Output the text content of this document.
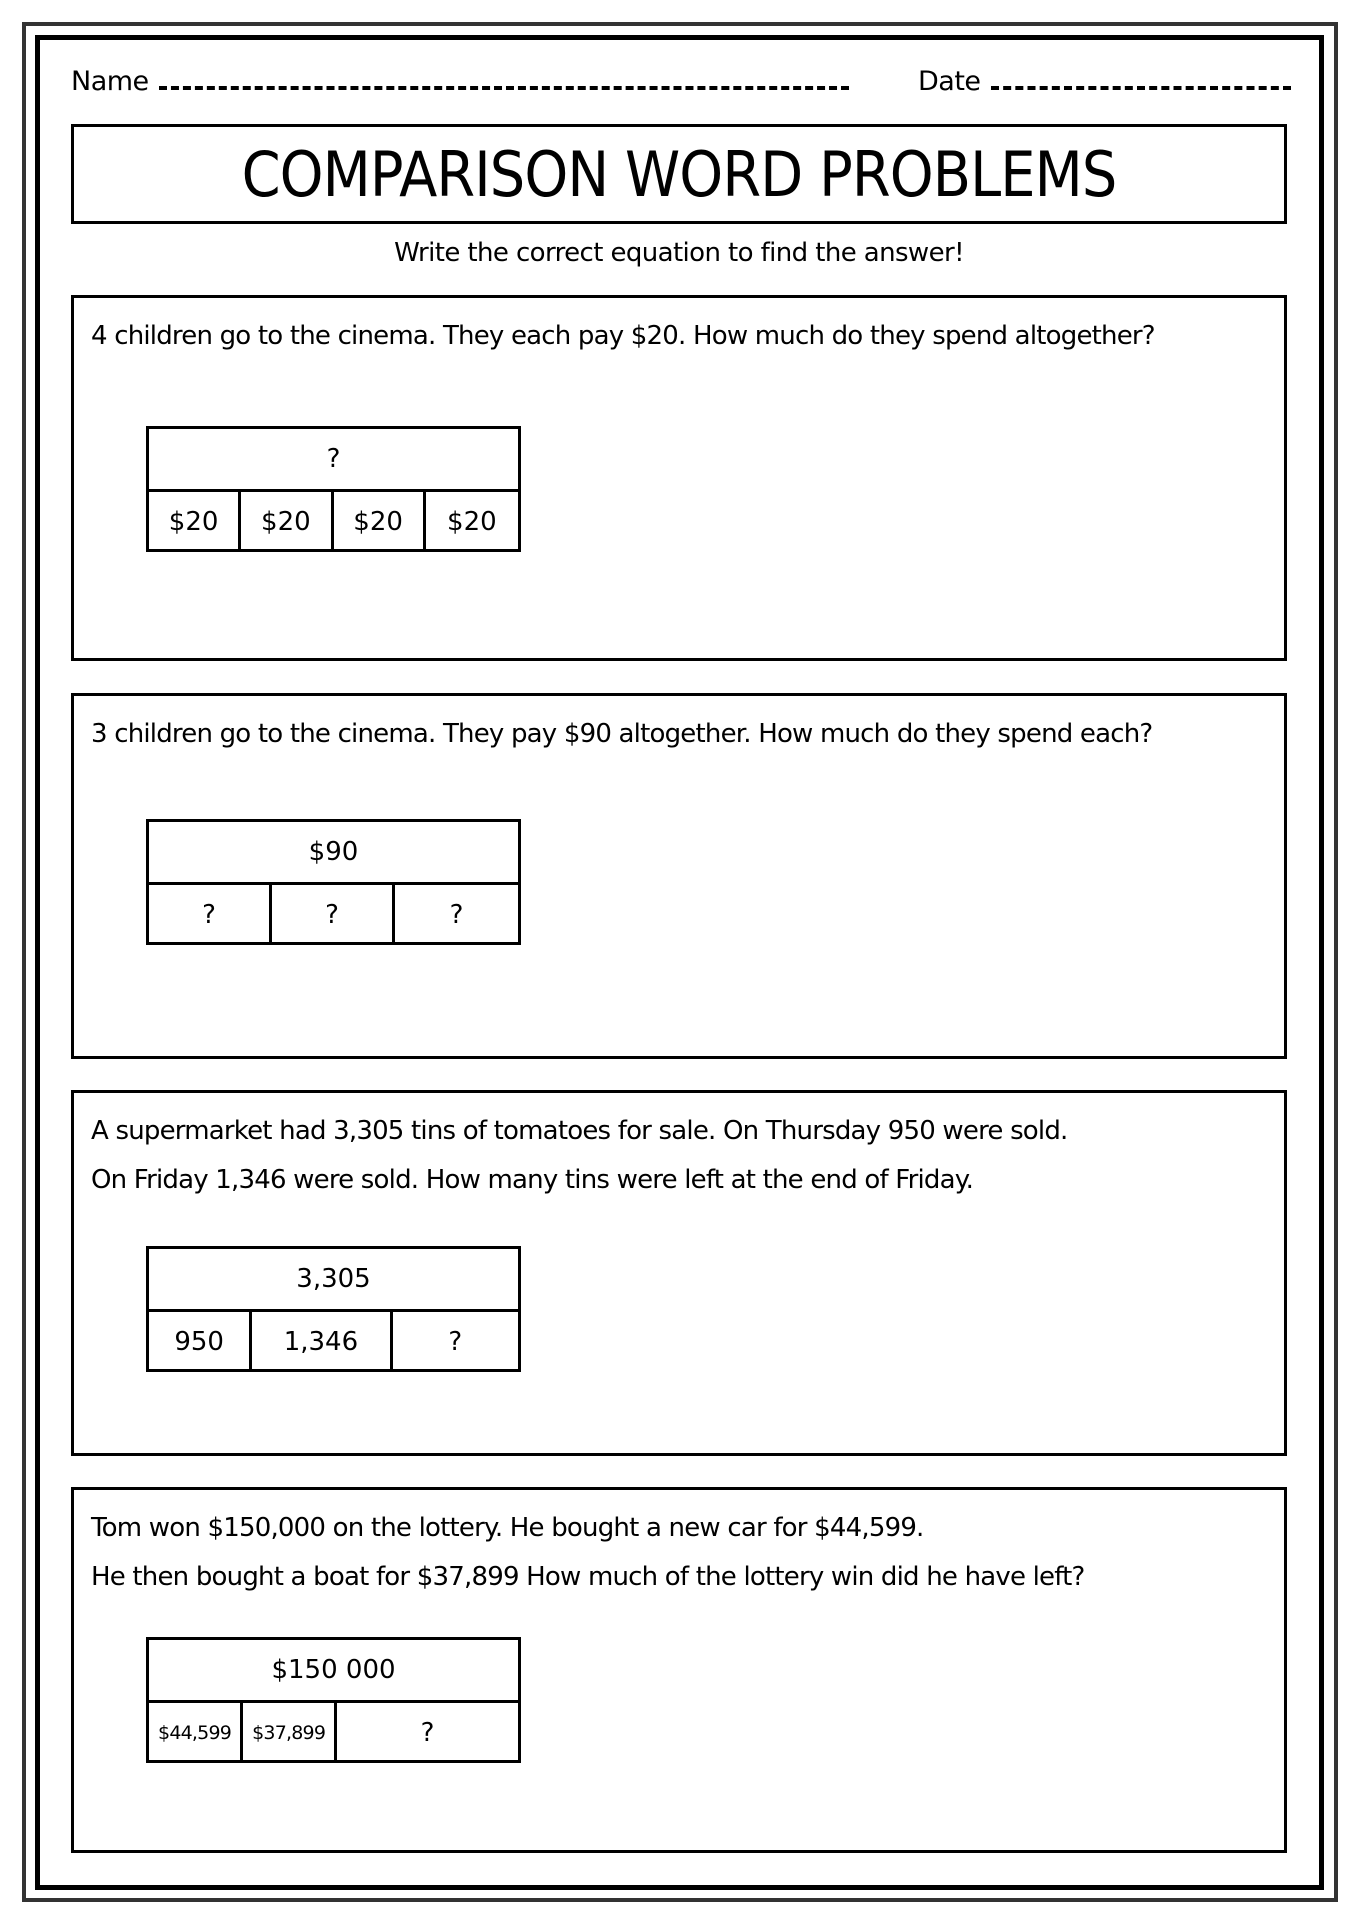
Name	Date
COMPARISON WORD PROBLEMS
Write the correct equation to find the answer!
4 children go to the cinema. They each pay $20. How much do they spend altogether?
?
$20	$20	$20	$20
3 children go to the cinema. They pay $90 altogether. How much do they spend each?
$90
?	?	?
A supermarket had 3,305 tins of tomatoes for sale. On Thursday 950 were sold.
On Friday 1,346 were sold. How many tins were left at the end of Friday.
3,305
950	1,346	?
Tom won $150,000 on the lottery. He bought a new car for $44,599.
He then bought a boat for $37,899 How much of the lottery win did he have left?
$150 000
$44,599	$37,899	?
